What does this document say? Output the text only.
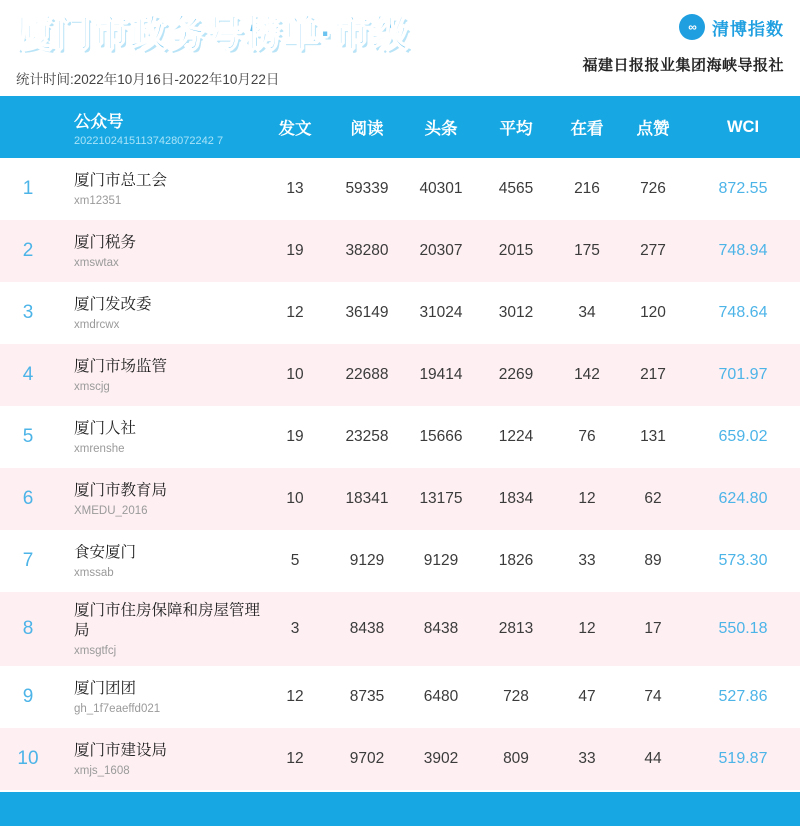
厦门市政务号榜单·市级
统计时间:2022年10月16日-2022年10月22日
∞ 清博指数
福建日报报业集团海峡导报社

	公众号
20221024151137428072242 7	发文	阅读	头条	平均	在看	点赞	WCI
1	厦门市总工会
xm12351	13	59339	40301	4565	216	726	872.55
2	厦门税务
xmswtax	19	38280	20307	2015	175	277	748.94
3	厦门发改委
xmdrcwx	12	36149	31024	3012	34	120	748.64
4	厦门市场监管
xmscjg	10	22688	19414	2269	142	217	701.97
5	厦门人社
xmrenshe	19	23258	15666	1224	76	131	659.02
6	厦门市教育局
XMEDU_2016	10	18341	13175	1834	12	62	624.80
7	食安厦门
xmssab	5	9129	9129	1826	33	89	573.30
8	厦门市住房保障和房屋管理局
xmsgtfcj	3	8438	8438	2813	12	17	550.18
9	厦门团团
gh_1f7eaeffd021	12	8735	6480	728	47	74	527.86
10	厦门市建设局
xmjs_1608	12	9702	3902	809	33	44	519.87
